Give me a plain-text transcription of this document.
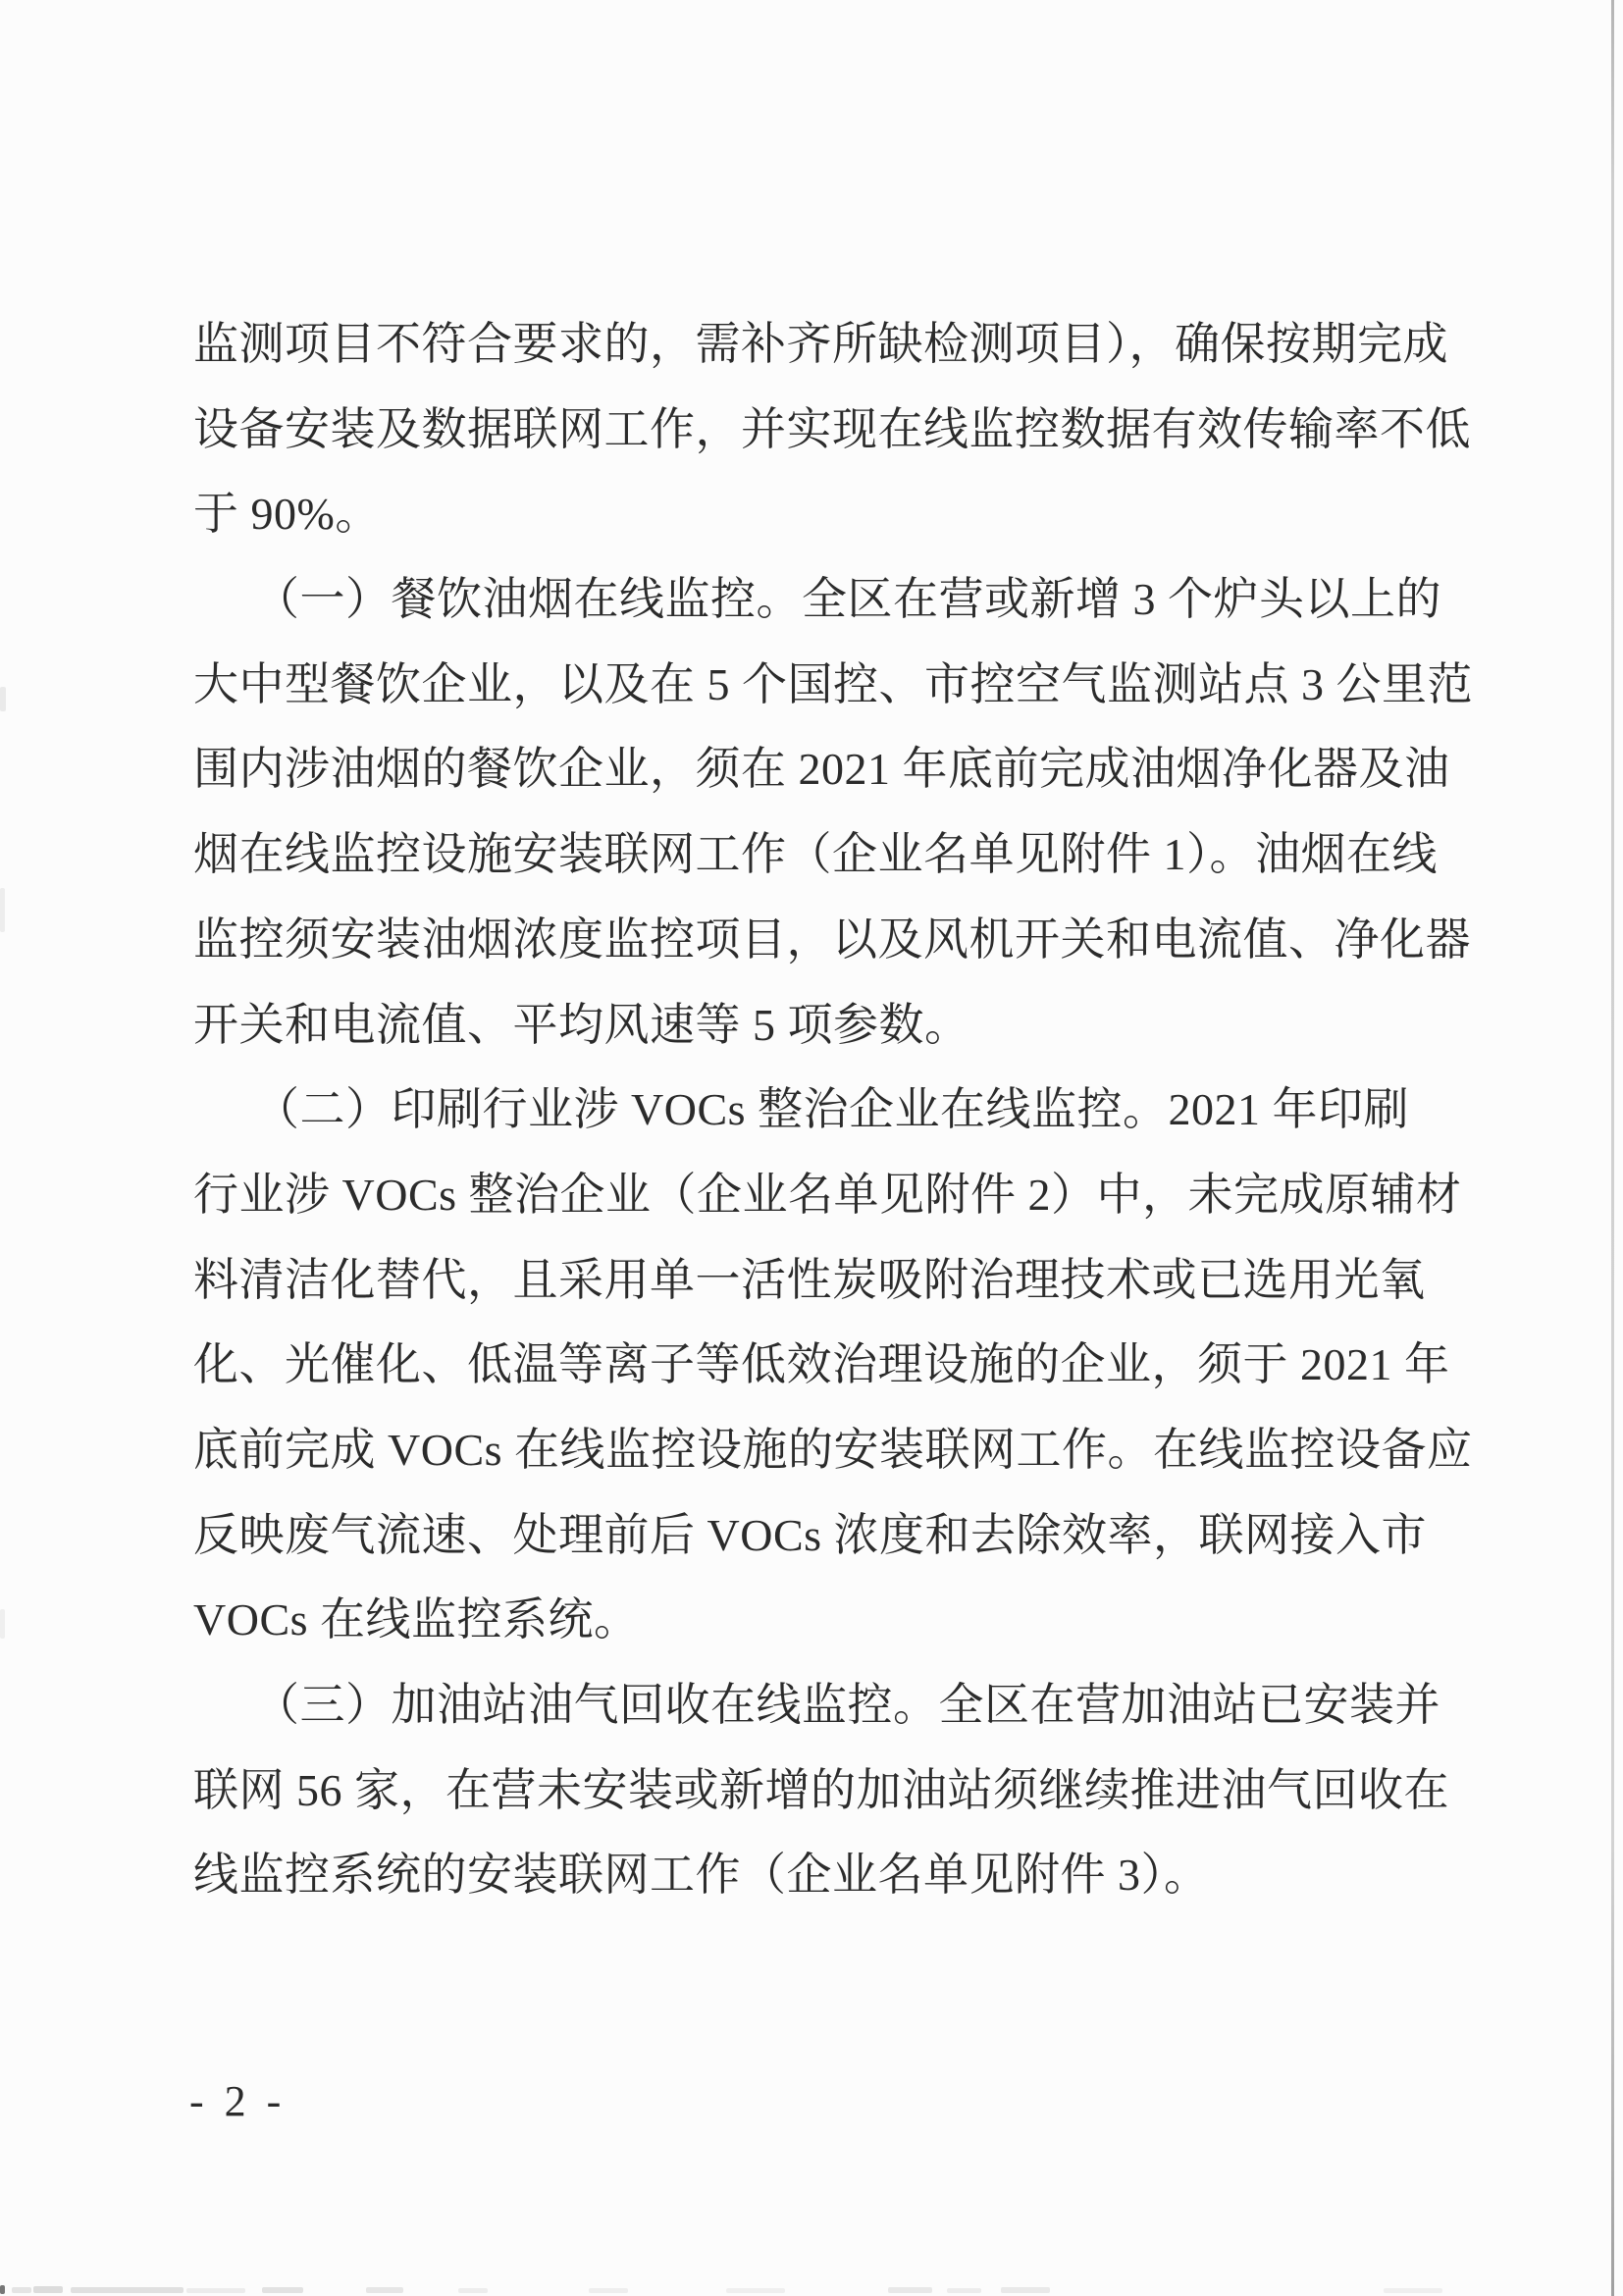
监测项目不符合要求的，需补齐所缺检测项目），确保按期完成
设备安装及数据联网工作，并实现在线监控数据有效传输率不低
于 90%。
（一）餐饮油烟在线监控。全区在营或新增 3 个炉头以上的
大中型餐饮企业，以及在 5 个国控、市控空气监测站点 3 公里范
围内涉油烟的餐饮企业，须在 2021 年底前完成油烟净化器及油
烟在线监控设施安装联网工作（企业名单见附件 1）。油烟在线
监控须安装油烟浓度监控项目，以及风机开关和电流值、净化器
开关和电流值、平均风速等 5 项参数。
（二）印刷行业涉 VOCs 整治企业在线监控。2021 年印刷
行业涉 VOCs 整治企业（企业名单见附件 2）中，未完成原辅材
料清洁化替代，且采用单一活性炭吸附治理技术或已选用光氧
化、光催化、低温等离子等低效治理设施的企业，须于 2021 年
底前完成 VOCs 在线监控设施的安装联网工作。在线监控设备应
反映废气流速、处理前后 VOCs 浓度和去除效率，联网接入市
VOCs 在线监控系统。
（三）加油站油气回收在线监控。全区在营加油站已安装并
联网 56 家，在营未安装或新增的加油站须继续推进油气回收在
线监控系统的安装联网工作（企业名单见附件 3）。
- 2 -
